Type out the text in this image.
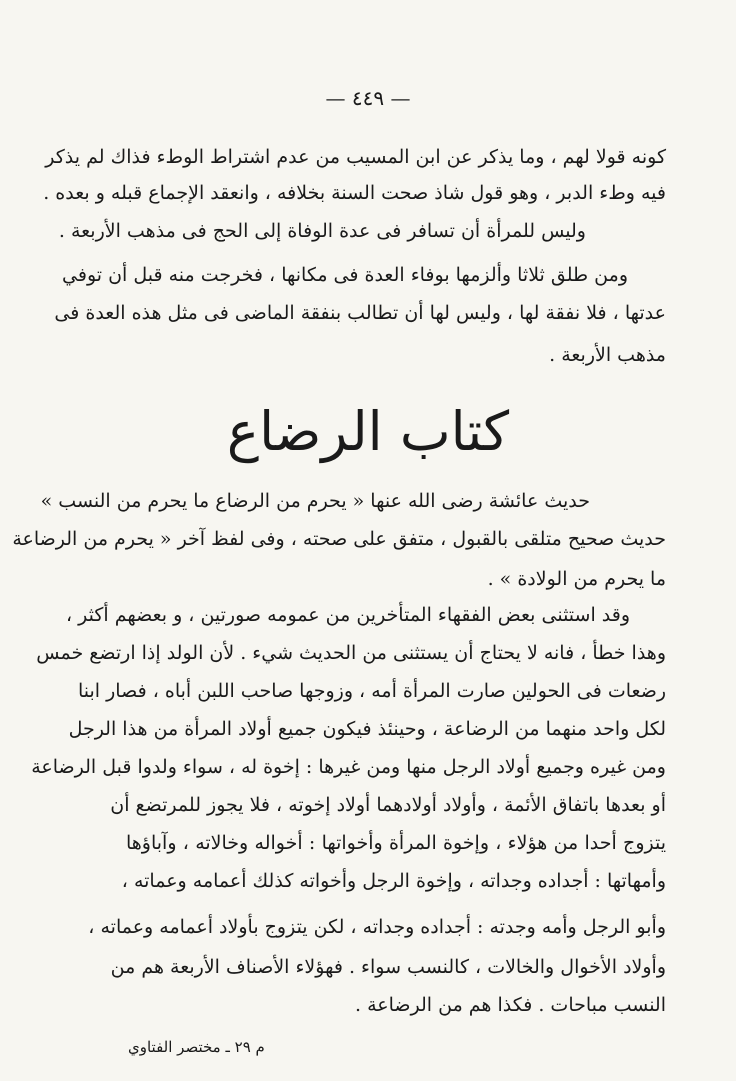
— ٤٤٩ —
كونه قولا لهم ، وما يذكر عن ابن المسيب من عدم اشتراط الوطء فذاك لم يذكر
فيه وطء الدبر ، وهو قول شاذ صحت السنة بخلافه ، وانعقد الإجماع قبله و بعده .
وليس للمرأة أن تسافر فى عدة الوفاة إلى الحج فى مذهب الأربعة .
ومن طلق ثلاثا وألزمها بوفاء العدة فى مكانها ، فخرجت منه قبل أن توفي
عدتها ، فلا نفقة لها ، وليس لها أن تطالب بنفقة الماضى فى مثل هذه العدة فى
مذهب الأربعة .
كتاب الرضاع
حديث عائشة رضى الله عنها « يحرم من الرضاع ما يحرم من النسب »
حديث صحيح متلقى بالقبول ، متفق على صحته ، وفى لفظ آخر « يحرم من الرضاعة
ما يحرم من الولادة » .
وقد استثنى بعض الفقهاء المتأخرين من عمومه صورتين ، و بعضهم أكثر ،
وهذا خطأ ، فانه لا يحتاج أن يستثنى من الحديث شيء . لأن الولد إذا ارتضع خمس
رضعات فى الحولين صارت المرأة أمه ، وزوجها صاحب اللبن أباه ، فصار ابنا
لكل واحد منهما من الرضاعة ، وحينئذ فيكون جميع أولاد المرأة من هذا الرجل
ومن غيره وجميع أولاد الرجل منها ومن غيرها : إخوة له ، سواء ولدوا قبل الرضاعة
أو بعدها باتفاق الأئمة ، وأولاد أولادهما أولاد إخوته ، فلا يجوز للمرتضع أن
يتزوج أحدا من هؤلاء ، وإخوة المرأة وأخواتها : أخواله وخالاته ، وآباؤها
وأمهاتها : أجداده وجداته ، وإخوة الرجل وأخواته كذلك أعمامه وعماته ،
وأبو الرجل وأمه وجدته : أجداده وجداته ، لكن يتزوج بأولاد أعمامه وعماته ،
وأولاد الأخوال والخالات ، كالنسب سواء . فهؤلاء الأصناف الأربعة هم من
النسب مباحات . فكذا هم من الرضاعة .
م ٢٩ ـ مختصر الفتاوي
